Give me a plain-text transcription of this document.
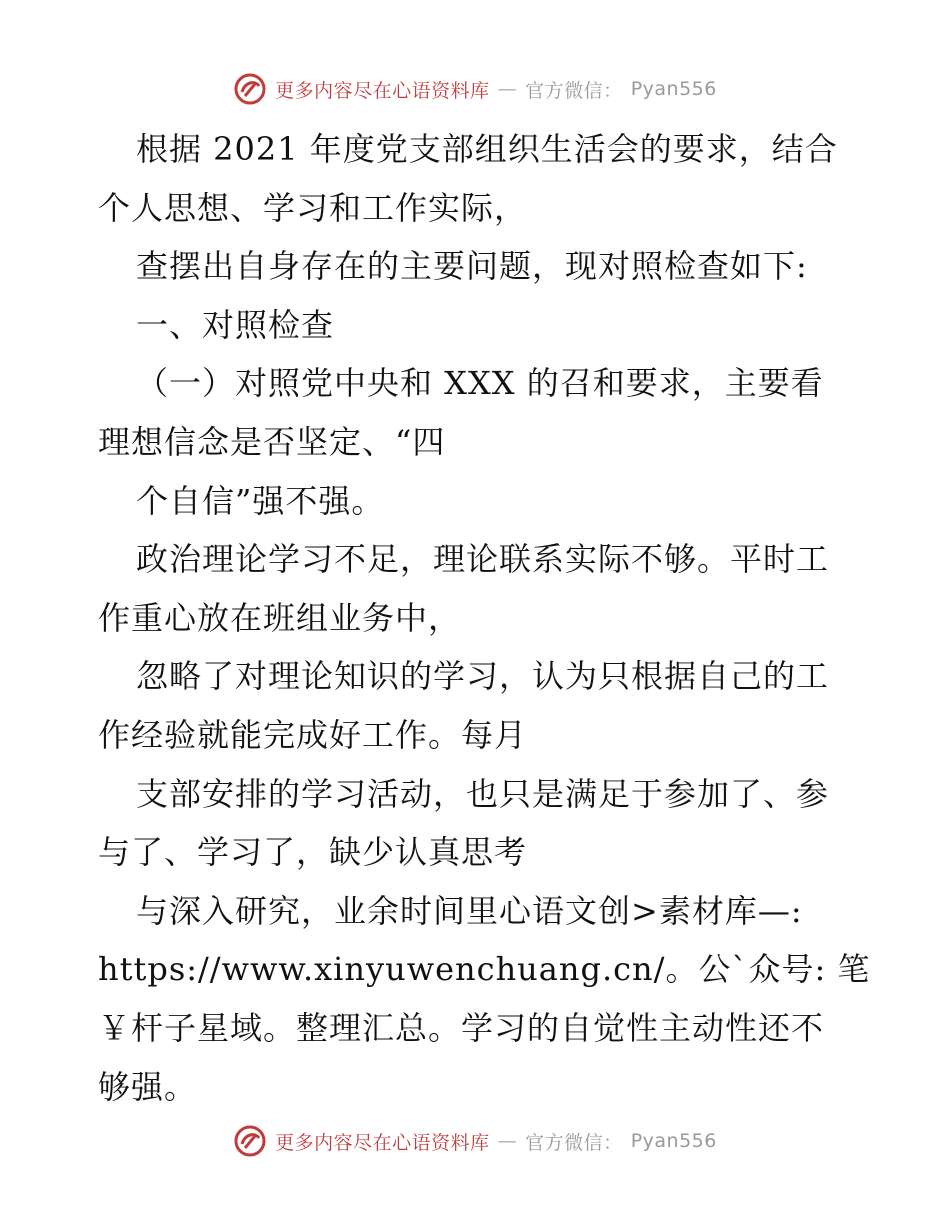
更多内容尽在心语资料库 — 官方微信： Pyan556
根据 2021 年度党支部组织生活会的要求，结合
个人思想、学习和工作实际，
查摆出自身存在的主要问题，现对照检查如下:
一、对照检查
（一）对照党中央和 XXX 的召和要求，主要看
理想信念是否坚定、“四
个自信”强不强。
政治理论学习不足，理论联系实际不够。平时工
作重心放在班组业务中，
忽略了对理论知识的学习，认为只根据自己的工
作经验就能完成好工作。每月
支部安排的学习活动，也只是满足于参加了、参
与了、学习了，缺少认真思考
与深入研究，业余时间里心语文创>素材库—:
https://www.xinyuwenchuang.cn/。公`众号: 笔
￥杆子星域。整理汇总。学习的自觉性主动性还不
够强。
更多内容尽在心语资料库 — 官方微信： Pyan556
